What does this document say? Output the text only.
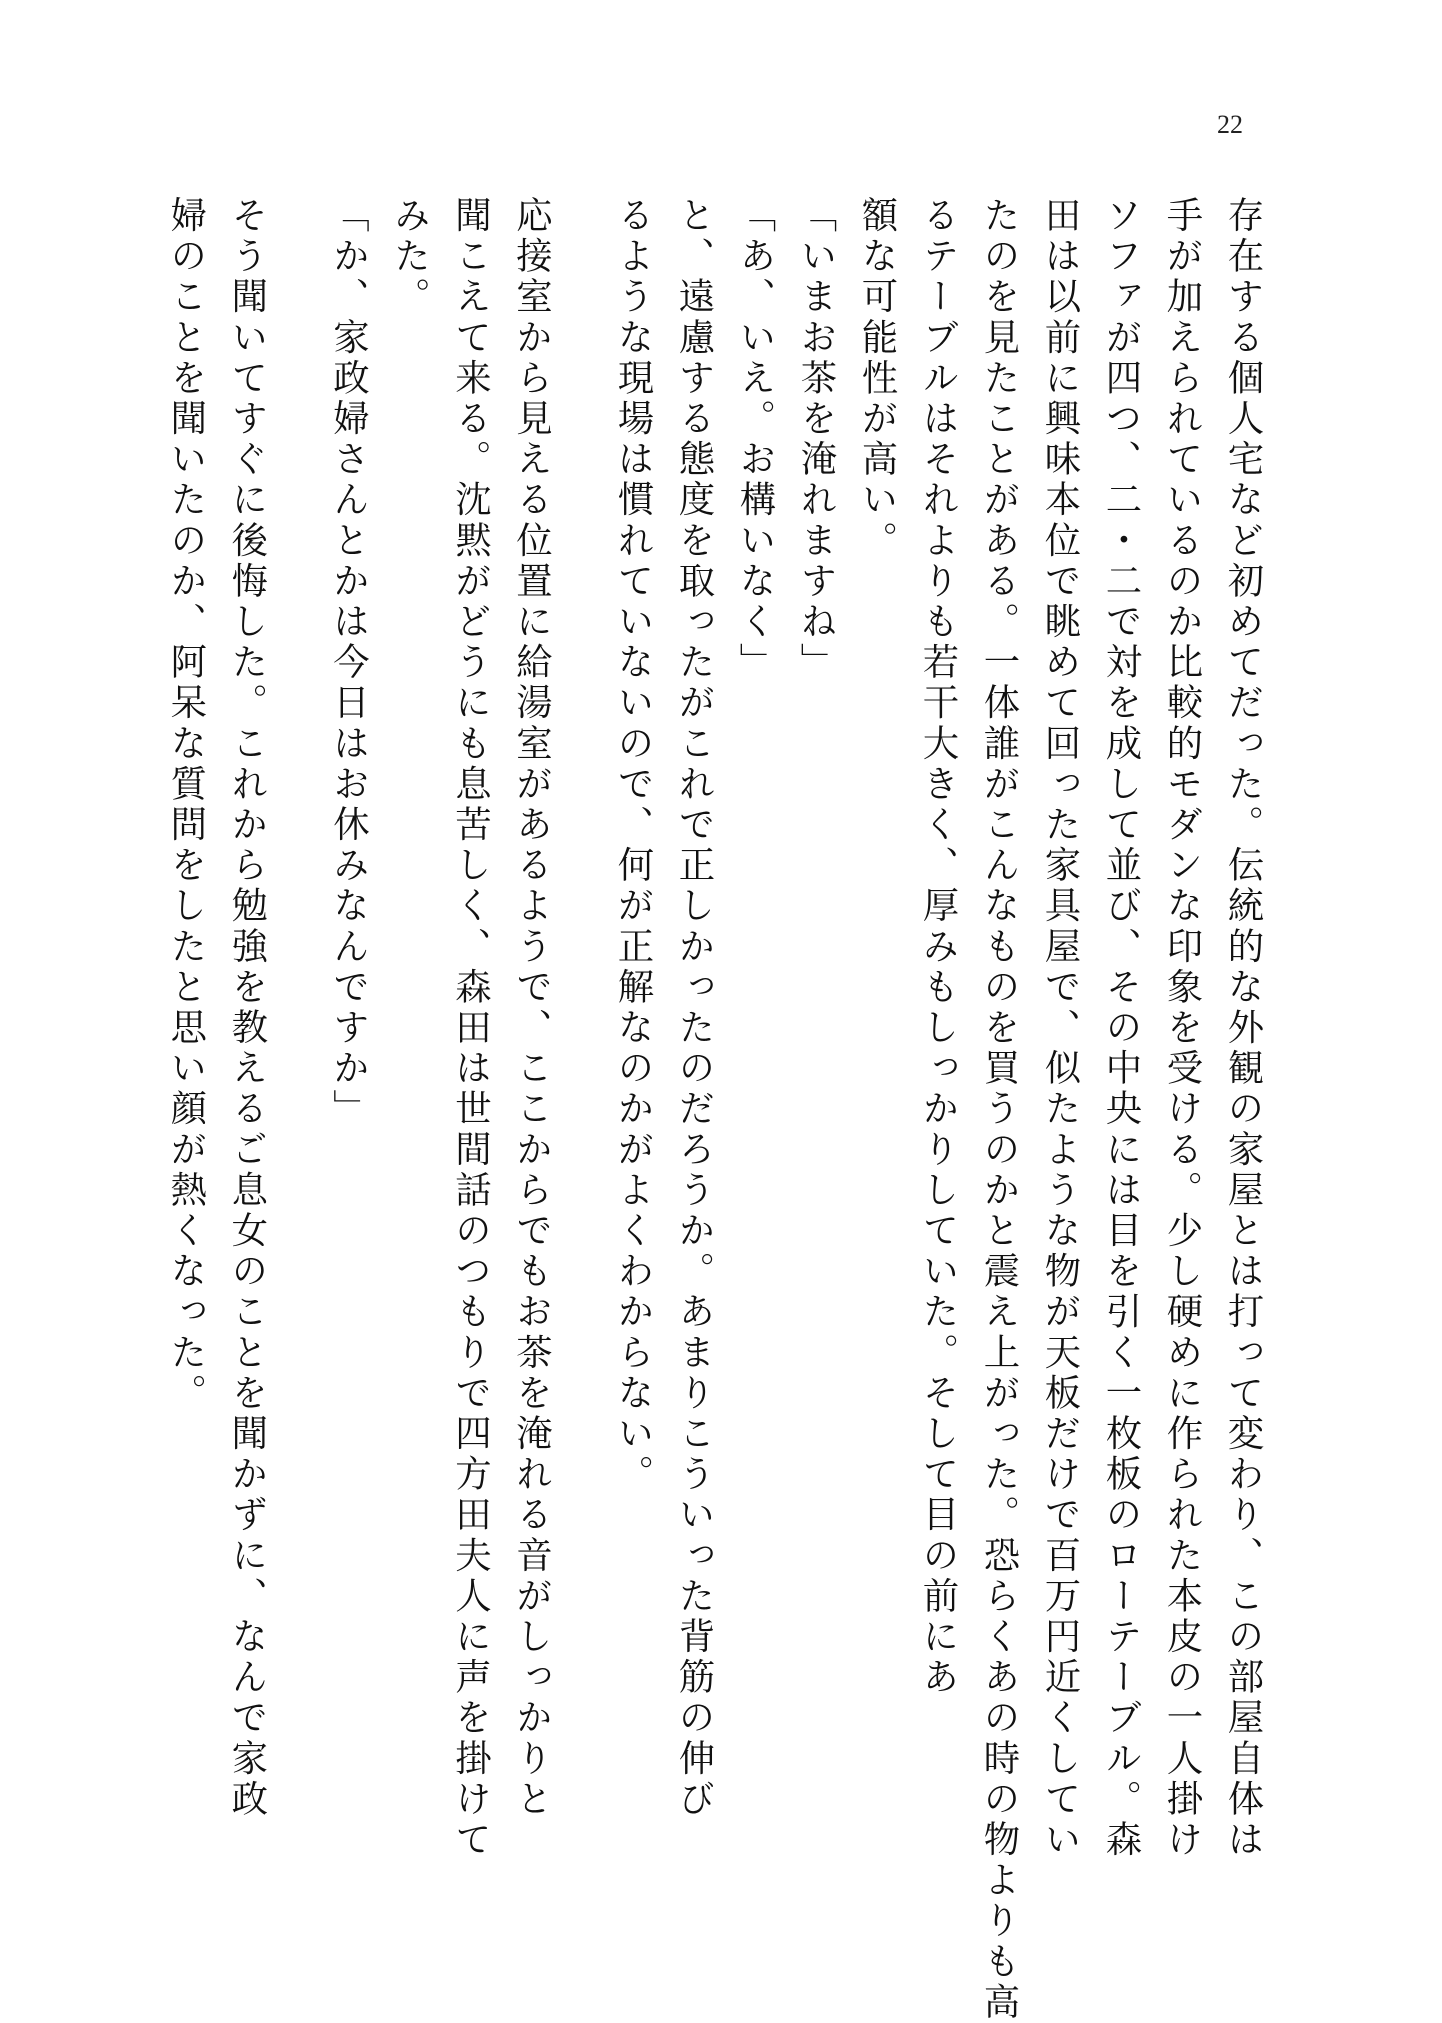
22
存在する個人宅など初めてだった。伝統的な外観の家屋とは打って変わり、この部屋自体は
手が加えられているのか比較的モダンな印象を受ける。少し硬めに作られた本皮の一人掛け
ソファが四つ、二・二で対を成して並び、その中央には目を引く一枚板のローテーブル。森
田は以前に興味本位で眺めて回った家具屋で、似たような物が天板だけで百万円近くしてい
たのを見たことがある。一体誰がこんなものを買うのかと震え上がった。恐らくあの時の物よりも高
るテーブルはそれよりも若干大きく、厚みもしっかりしていた。そして目の前にあ
額な可能性が高い。
「いまお茶を淹れますね」
「あ、いえ。お構いなく」
と、遠慮する態度を取ったがこれで正しかったのだろうか。あまりこういった背筋の伸び
るような現場は慣れていないので、何が正解なのかがよくわからない。
応接室から見える位置に給湯室があるようで、ここからでもお茶を淹れる音がしっかりと
聞こえて来る。沈黙がどうにも息苦しく、森田は世間話のつもりで四方田夫人に声を掛けて
みた。
「か、家政婦さんとかは今日はお休みなんですか」
そう聞いてすぐに後悔した。これから勉強を教えるご息女のことを聞かずに、なんで家政
婦のことを聞いたのか、阿呆な質問をしたと思い顔が熱くなった。
